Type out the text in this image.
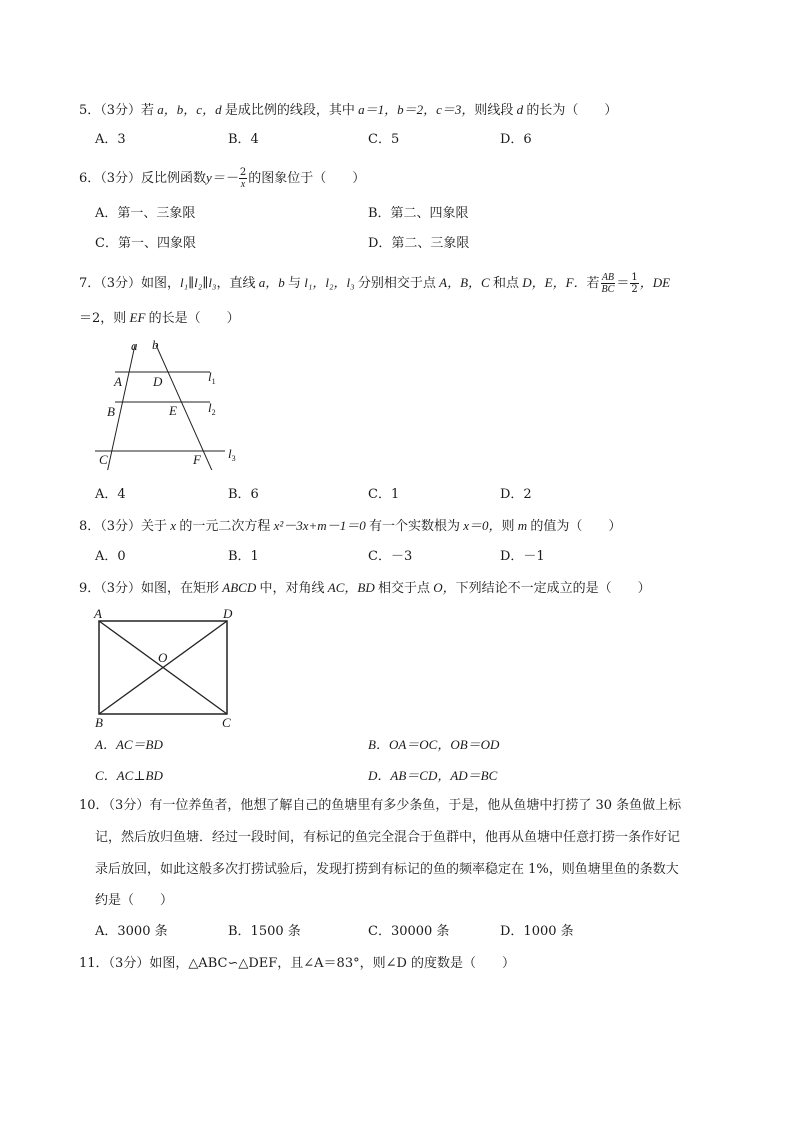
5．（3分）若 a，b，c，d 是成比例的线段，其中 a＝1，b＝2，c＝3，则线段 d 的长为（　　）
A．3	B．4	C．5	D．6
6．（3分）反比例函数$y=- \frac{2}{x}$ 的图象位于（　　）
A．第一、三象限	B．第二、四象限
C．第一、四象限	D．第二、三象限
7．（3分）如图，l₁∥l₂∥l₃，直线 a，b 与 l₁，l₂，l₃ 分别相交于点 A，B，C 和点 D，E，F．若 $\frac{AB}{BC} = \frac{1}{2}$ ，DE
＝2，则 EF 的长是（　　）
a b
A D
B	E
C	F
$l_1$
$l_2$
$l_3$
A．4	B．6	C．1	D．2
8．（3分）关于 x 的一元二次方程 x²－3x+m－1＝0 有一个实数根为 x＝0，则 m 的值为（　　）
A．0	B．1	C．－3	D．－1
9．（3分）如图，在矩形 ABCD 中，对角线 AC，BD 相交于点 O，下列结论不一定成立的是（　　）
A	D
O
B	C
A．AC＝BD	B．OA＝OC，OB＝OD
C．AC⊥BD	D．AB＝CD，AD＝BC
10．（3分）有一位养鱼者，他想了解自己的鱼塘里有多少条鱼，于是，他从鱼塘中打捞了 30 条鱼做上标
记，然后放归鱼塘．经过一段时间，有标记的鱼完全混合于鱼群中，他再从鱼塘中任意打捞一条作好记
录后放回，如此这般多次打捞试验后，发现打捞到有标记的鱼的频率稳定在 1%，则鱼塘里鱼的条数大
约是（　　）
A．3000 条	B．1500 条	C．30000 条	D．1000 条
11．（3分）如图，△ABC∽△DEF，且∠A＝83°，则∠D 的度数是（　　）
